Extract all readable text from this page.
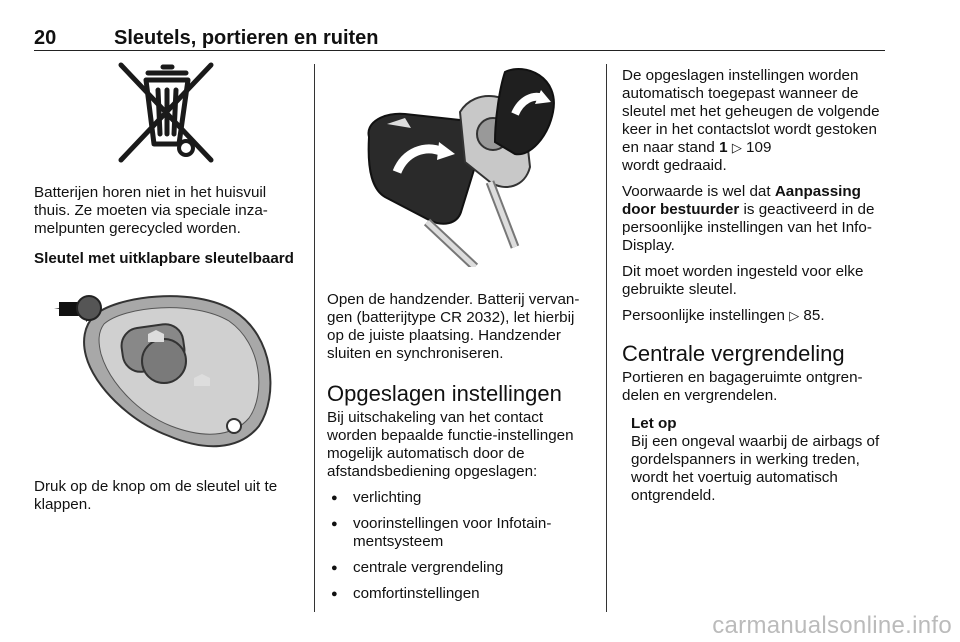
20	Sleutels, portieren en ruiten

Batterijen horen niet in het huisvuil thuis. Ze moeten via speciale inza-melpunten gerecycled worden.

Sleutel met uitklapbare sleutelbaard

Druk op de knop om de sleutel uit te klappen.

Open de handzender. Batterij vervan-gen (batterijtype CR 2032), let hierbij op de juiste plaatsing. Handzender sluiten en synchroniseren.

Opgeslagen instellingen

Bij uitschakeling van het contact worden bepaalde functie-instellingen mogelijk automatisch door de afstandsbediening opgeslagen:

● verlichting
● voorinstellingen voor Infotain-mentsysteem
● centrale vergrendeling
● comfortinstellingen

De opgeslagen instellingen worden automatisch toegepast wanneer de sleutel met het geheugen de volgende keer in het contactslot wordt gestoken en naar stand 1 ▷ 109
wordt gedraaid.

Voorwaarde is wel dat Aanpassing door bestuurder is geactiveerd in de persoonlijke instellingen van het Info-Display.

Dit moet worden ingesteld voor elke gebruikte sleutel.

Persoonlijke instellingen ▷ 85.

Centrale vergrendeling

Portieren en bagageruimte ontgren-delen en vergrendelen.

Let op

Bij een ongeval waarbij de airbags of gordelspanners in werking treden, wordt het voertuig automatisch ontgrendeld.

carmanualsonline.info
